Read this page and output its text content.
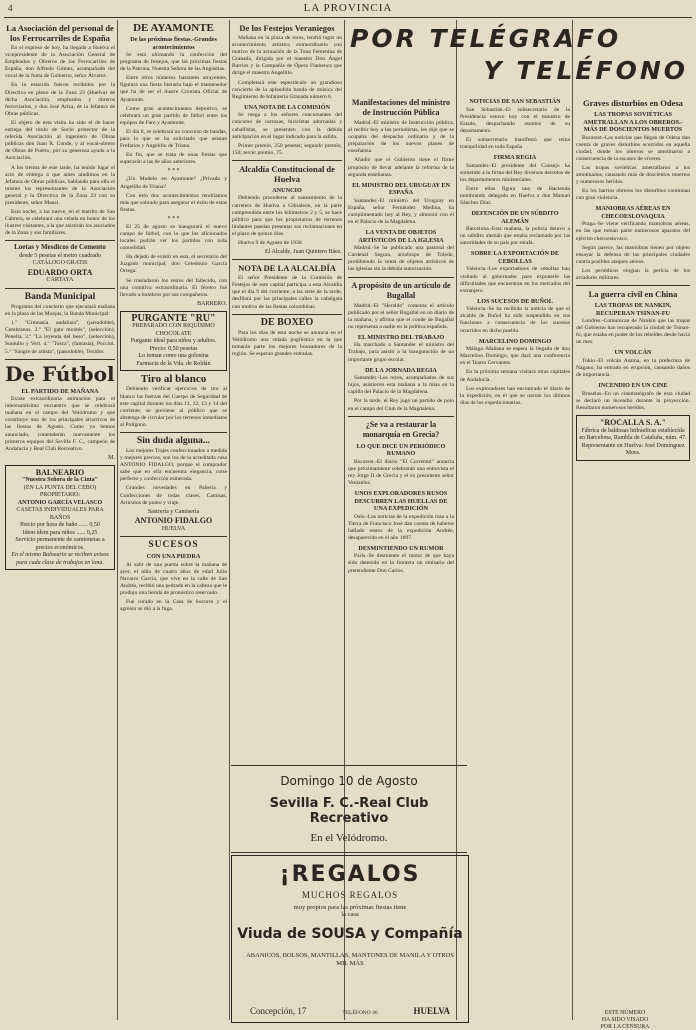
4	LA PROVINCIA
La Asociación del personal de los Ferrocarriles de España

En el expreso de hoy, ha llegado a Huelva el vicepresidente de la Asociación General de Empleados y Obreros de los Ferrocarriles de España, don Alfredo Gómez, acompañado del vocal de la Junta de Gobierno, señor Álvarez.

En la estación fueron recibidos por la Directiva en pleno de la Zona 23 (Huelva) de dicha Asociación, empleados y obreros ferroviarios, y don José Ariza, de la Jefatura de Obras públicas.

El objeto de esta visita ha sido el de hacer entrega del título de Socio protector de la referida Asociación al ingeniero de Obras públicas don Juan R. Conde, y al vocal-obrero de Obras de Puerto, por su generosa ayuda a la Asociación.

A los treinta de este tarde, ha tenido lugar el acto de entrega a que antes aludimos en la Jefatura de Obras públicas, hablando para ello el mismo los representantes de la Asociación general y la Directiva de la Zona 23 con su presidente, señor Manci.

Esta noche, a las nueve, en el teatrito de San Cabrera, se celebrará una velada en honor de los ilustres visitantes, a la que asistirán los asociados de la Zona y sus familiares.

Loetas y Mesdicos de Cemento
desde 5 pesetas el metro cuadrado
CATÁLOGO GRATIS
EDUARDO ORTA
CARTAYA
Banda Municipal

Programa del concierto que ejecutará mañana en la plaza de las Monjas, la Banda Municipal:

1.º "Gimnasia andaluza", (pasodoble), Cembranos. 2.º "El gato montés", (selección), Penella. 3.º "La leyenda del beso", (selección), Soutullo y Vert. 4.º "Tosca", (fantasía), Puccini. 5.º "Sangre de artista", (pasodoble), Texidor.

De Fútbol
EL PARTIDO DE MAÑANA

Existe extraordinaria animación para el interesantísimo encuentro que se celebrará mañana en el campo del Velódromo y que constituye uno de los principales atractivos de las fiestas de Agosto. Como ya hemos anunciado, contenderán nuevamente los primeros equipos del Sevilla F. C., campeón de Andalucía y Real Club Recreativo.

M.
BALNEARIO
"Nuestra Señora de la Cinta"
(EN LA PUNTA DEL CEBO)
PROPIETARIO:
ANTONIO GARCÍA VELASCO
CASETAS INDIVIDUALES PARA BAÑOS
Precio por hora de baño ...... 0,50
Idem ídem para niños ...... 0,25
Servicio permanente de camionetas a precios económicos.
En el mismo Balneario se reciben avisos para cada clase de trabajos en lona.
DE AYAMONTE
De las próximas fiestas.-Grandes acontecimientos

Se está ultimando la confección del programa de festejos, que las próximas fiestas de la Patrona, Nuestra Señora de las Angustias.

Entre otros números bastantes atrayentes, figurará una fiesta literaria bajo el mantenedor que ha de ser el ilustre Cronista Oficial de Ayamonte.

Como gran acontecimiento deportivo, se celebrará un gran partido de fútbol entre los equipos de Faro y Ayamonte.

El día 8, se celebrará un concurso de bandas, para lo que se ha solicitado que asistan Frefarios y Angelillo de Triana.

En fin, que se trata de unas fiestas que superarán a las de años anteriores.

* * *

¿Un Modelo en Ayamonte? ¿Privada y Angelillo de Triana?

Con esto dos acontecimientos tendríamos más que sobrado para asegurar el éxito de estas fiestas.

* * *

El 25 de agosto se inaugurará el nuevo campo de fútbol, con lo que los aficionados locales podrán ver los partidos con toda comodidad.

Ha dejado de existir en esta, el secretario del Juzgado municipal, don Celedonio García Ortega.

Se trasladaron los restos del fallecido, con una comitiva extraordinaria. El féretro fué llevado a hombros por sus compañeros.

BARRERO.
PURGANTE "RU"
PREPARADO CON RIQUÍSIMO CHOCOLATE
Purgante ideal para niños y adultos.
Precio: 0,50 pesetas
Lo toman como una golosina
Farmacia de la Vda. de Roldán
Tiro al blanco

Debiendo verificar ejercicios de tiro al blanco las fuerzas del Cuerpo de Seguridad de este capital durante los días 11, 12, 13 y 14 del corriente, se previene al público que se abstenga de circular por los terrenos inmediatos al Polígono.

Sin duda alguna...

Los mejores Trajes confeccionados a medida y mejores precios, son los de la acreditada casa ANTONIO FIDALGO, porque el comprador sabe que en ella encuentra elegancia, corte perfecto y confección esmerada.

Grandes novedades en Pañería y Confecciones de todas clases, Camisas, Artículos de punto y viaje.

Sastrería y Camisería
ANTONIO FIDALGO
HUELVA
SUCESOS
CON UNA PIEDRA

Al salir de una puerta sobre la mañana de ayer, el niño de cuatro años de edad Julio Navarro García, que vive en la calle de San Andrés, recibió una pedrada en la cabeza que le produjo una herida de pronóstico reservado.

Fué curado en la Casa de Socorro y el agresor se dió a la fuga.

De los Festejos Veraniegos

Mañana en la plaza de toros, tendrá lugar un acontecimiento artístico extraordinario con motivo de la actuación de la Tuna Femenina de Granada, dirigida por el maestro Don Ángel Barrios y la Compañía de Ópera Flamenca que dirige el maestro Angelillo.

Completará este espectáculo un grandioso concierto de la aplaudida banda de música del Regimiento de Infantería Granada número 6.

UNA NOTA DE LA COMISIÓN

Se ruega a los señores concursantes del concurso de carrozas, bicicletas adornadas y caballistas, se presenten con la debida anticipación en el lugar indicado para la salida.

Primer premio, 250 pesetas; segundo premio, 150; tercer premio, 75.

Alcaldía Constitucional de Huelva
ANUNCIO

Debiendo procederse al saneamiento de la carretera de Huelva a Gibraleón, en la parte comprendida entre los kilómetros 2 y 5, se hace público para que los propietarios de terrenos lindantes puedan presentar sus reclamaciones en el plazo de quince días.

Huelva 9 de Agosto de 1930.

El Alcalde, Juan Quintero Báez.
NOTA DE LA ALCALDÍA

El señor Presidente de la Comisión de Festejos de este capital participa a esta Alcaldía que el día 9 del corriente, a las siete de la tarde, desfilará por las principales calles la cabalgata con motivo de las fiestas colombinas.

DE BOXEO

Para los días de esta noche se anuncia en el Velódromo una velada pugilística en la que tomarán parte los mejores boxeadores de la región. Se esperan grandes entradas.

POR TELÉGRAFO
Y TELÉFONO
Manifestaciones del ministro de Instrucción Pública

Madrid.-El ministro de Instrucción pública, al recibir hoy a los periodistas, les dijo que se ocupaba del despacho ordinario y de la preparación de los nuevos planes de enseñanza.

Añadió que el Gobierno tiene el firme propósito de llevar adelante la reforma de la segunda enseñanza.

EL MINISTRO DEL URUGUAY EN ESPAÑA

Santander.-El ministro del Uruguay en España, señor Fernández Medina, ha cumplimentado hoy al Rey, y almorzó con él en el Palacio de la Magdalena.

LA VENTA DE OBJETOS ARTÍSTICOS DE LA IGLESIA

Madrid.-Se ha publicado una pastoral del Cardenal Segura, arzobispo de Toledo, prohibiendo la venta de objetos artísticos de las iglesias sin la debida autorización.

A propósito de un artículo de Bugallal

Madrid.-El "Heraldo" comenta el artículo publicado por el señor Bugallal en un diario de la mañana, y afirma que el conde de Bugallal no representa a nadie en la política española.

EL MINISTRO DEL TRABAJO

Ha marchado a Santander el ministro del Trabajo, para asistir a la inauguración de un importante grupo escolar.

DE LA JORNADA REGIA

Santander.-Los reyes, acompañados de sus hijos, asistieron esta mañana a la misa en la capilla del Palacio de la Magdalena.

Por la tarde, el Rey jugó un partido de polo en el campo del Club de la Magdalena.

¿Se va a restaurar la monarquía en Grecia?
LO QUE DICE UN PERIÓDICO RUMANO

Bucarest.-El diario "El Currentul" anuncia que próximamente celebrarán una entrevista el rey Jorge II de Grecia y el ex presidente señor Venizelos.

UNOS EXPLORADORES RUSOS DESCUBREN LAS HUELLAS DE UNA EXPEDICIÓN

Oslo.-Las noticias de la expedición rusa a la Tierra de Francisco José dan cuenta de haberse hallado restos de la expedición Andrée, desaparecida en el año 1897.

DESMINTIENDO UN RUMOR

París.-Se desmiente el rumor de que haya sido detenido en la frontera un emisario del pretendiente Don Carlos.

NOTICIAS DE SAN SEBASTIÁN

San Sebastián.-El subsecretario de la Presidencia estuvo hoy con el ministro de Estado, despachando asuntos de su departamento.

El subsecretario manifestó que reina tranquilidad en toda España.

FIRMA REGIA

Santander.-El presidente del Consejo ha sometido a la firma del Rey diversos decretos de los departamentos ministeriales.

Entre ellos figura uno de Hacienda nombrando delegado en Huelva a don Manuel Sánchez Díaz.

DEFENCIÓN DE UN SÚBDITO ALEMÁN

Barcelona.-Esta mañana, la policía detuvo a un súbdito alemán que estaba reclamado por las autoridades de su país por estafa.

SOBRE LA EXPORTACIÓN DE CEBOLLAS

Valencia.-Los exportadores de cebollas han visitado al gobernador para exponerle las dificultades que encuentran en los mercados del extranjero.

LOS SUCESOS DE BUÑOL

Valencia.-Se ha recibido la noticia de que el alcalde de Buñol ha sido suspendido en sus funciones a consecuencia de los sucesos ocurridos en dicho pueblo.

MARCELINO DOMINGO

Málaga.-Mañana se espera la llegada de don Marcelino Domingo, que dará una conferencia en el Teatro Cervantes.

En la próxima semana visitará otras capitales de Andalucía.

Los exploradores han encontrado el diario de la expedición, en el que se narran los últimos días de los expedicionarios.

Graves disturbios en Odesa
LAS TROPAS SOVIÉTICAS AMETRALLAN A LOS OBREROS.- MÁS DE DOSCIENTOS MUERTOS

Bucarest.-Las noticias que llegan de Odesa dan cuenta de graves disturbios ocurridos en aquella ciudad, donde los obreros se amotinaron a consecuencia de la escasez de víveres.

Las tropas soviéticas ametrallaron a los amotinados, causando más de doscientos muertos y numerosos heridos.

En los barrios obreros los disturbios continúan con gran violencia.

MANIOBRAS AÉREAS EN CHECOESLOVAQUIA

Praga.-Se viene verificando maniobras aéreas, en las que toman parte numerosos aparatos del ejército checoeslovaco.

Según parece, las maniobras tienen por objeto ensayar la defensa de las principales ciudades contra posibles ataques aéreos.

Los periódicos elogian la pericia de los aviadores militares.

La guerra civil en China
LAS TROPAS DE NANKIN, RECUPERAN TSINAN-FU

Londres.-Comunican de Nankín que las tropas del Gobierno han recuperado la ciudad de Tsinan-fu, que estaba en poder de los rebeldes desde hacía un mes.

UN VOLCÁN

Tokio.-El volcán Asama, en la prefectura de Nagano, ha entrado en erupción, causando daños de importancia.

INCENDIO EN UN CINE

Bruselas.-En un cinematógrafo de esta ciudad se declaró un incendio durante la proyección. Resultaron numerosos heridos.

"ROCALLA S. A."
Fábrica de baldosas hidráulicas establecida en Barcelona, Rambla de Cataluña, núm. 47.
Representante en Huelva: José Domínguez Mora.
ESTE NÚMERO
HA SIDO VISADO
POR LA CENSURA
Domingo 10 de Agosto
Sevilla F. C.-Real Club Recreativo
En el Velódromo.
¡REGALOS
MUCHOS REGALOS
muy propios para las próximas fiestas tiene
la casa
Viuda de SOUSA y Compañía
ABANICOS, BOLSOS, MANTILLAS, MANTONES DE MANILA Y OTROS MIL MÁS
Concepción, 17	TELÉFONO 46	HUELVA
